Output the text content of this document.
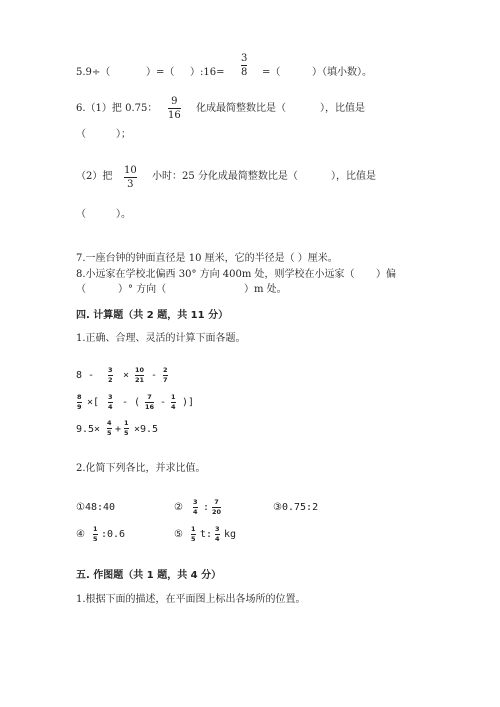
5.9÷（	）=（ ）:16=
3
8 =（	）（填小数）。
6.（1）把 0.75：
9
16
化成最简整数比是（	），比值是
（	）；
（2）把
10
3
小时：25 分化成最简整数比是（	），比值是
（	）。
7.一座台钟的钟面直径是 10 厘米，它的半径是（ ）厘米。
8.小远家在学校北偏西 30° 方向 400m 处，则学校在小远家（ ）偏
（	）° 方向（	）m 处。
四. 计算题（共 2 题，共 11 分）
1.正确、合理、灵活的计算下面各题。
8 - 3
2 × 10
21 - 2
7
8
9 ×[ 3
4 - ( 7
16 - 1
4 )]
9.5×
4
5 +
1
5 ×9.5
2.化简下列各比，并求比值。
①48:40	② 3
4 : 7
20	③0.75:2
④ 1
5 :0.6	⑤ 1
5 t: 3
4 kg
五. 作图题（共 1 题，共 4 分）
1.根据下面的描述，在平面图上标出各场所的位置。
